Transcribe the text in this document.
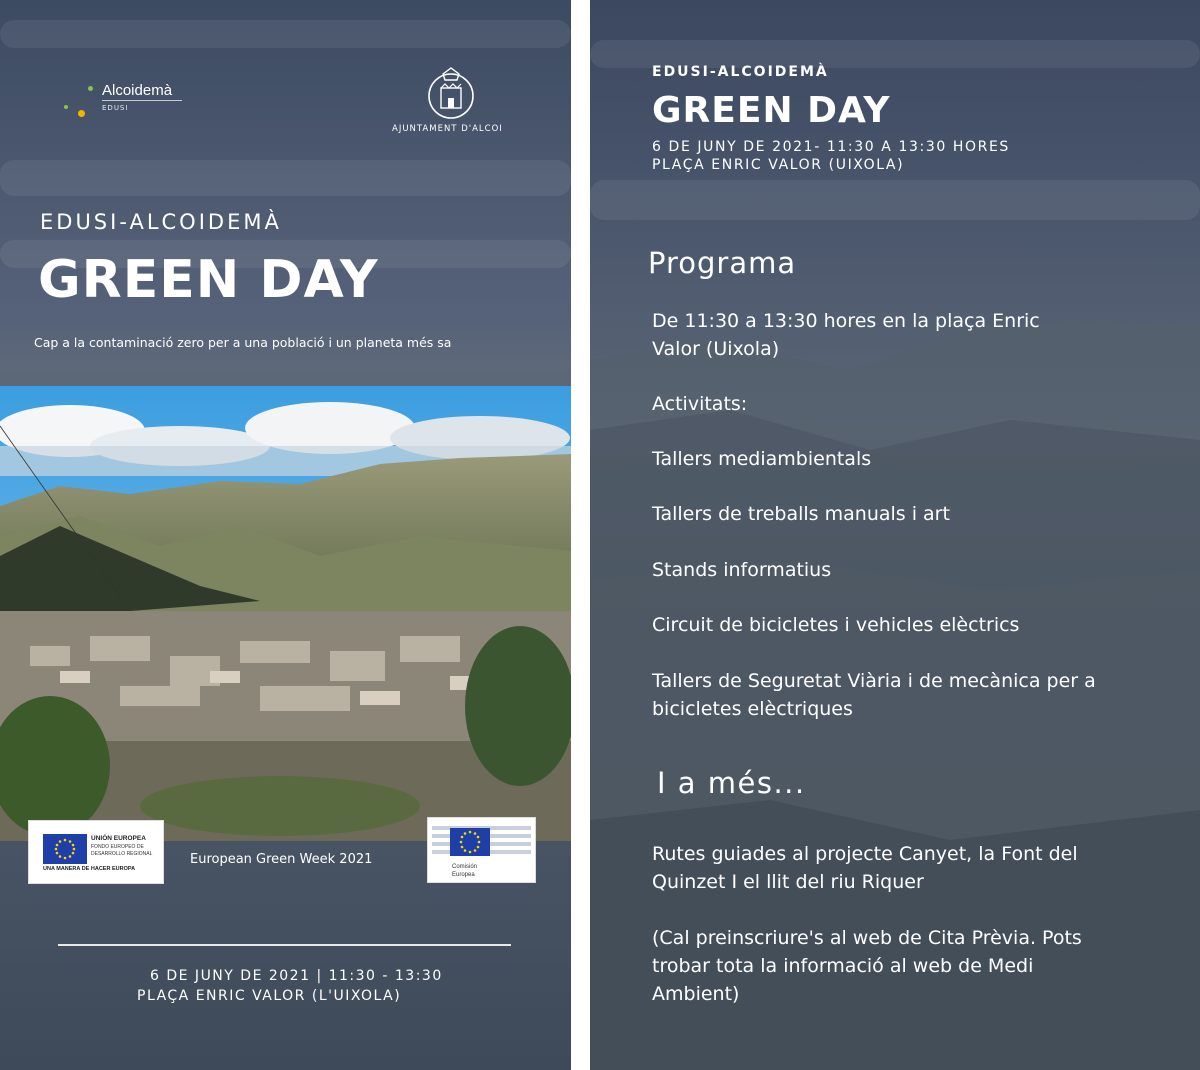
Alcoidemà
EDUSI
AJUNTAMENT D'ALCOI
EDUSI-ALCOIDEMÀ
GREEN DAY
Cap a la contaminació zero per a una població i un planeta més sa
UNIÓN EUROPEA
FONDO EUROPEO DE
DESARROLLO REGIONAL
UNA MANERA DE HACER EUROPA
European Green Week 2021	Comisión
Europea
6 DE JUNY DE 2021 | 11:30 - 13:30
PLAÇA ENRIC VALOR (L'UIXOLA)
EDUSI-ALCOIDEMÀ
GREEN DAY
6 DE JUNY DE 2021- 11:30 A 13:30 HORES
PLAÇA ENRIC VALOR (UIXOLA)
Programa
De 11:30 a 13:30 hores en la plaça Enric Valor (Uixola)
Activitats:
Tallers mediambientals
Tallers de treballs manuals i art
Stands informatius
Circuit de bicicletes i vehicles elèctrics
Tallers de Seguretat Viària i de mecànica per a bicicletes elèctriques
I a més...
Rutes guiades al projecte Canyet, la Font del Quinzet I el llit del riu Riquer
(Cal preinscriure's al web de Cita Prèvia. Pots trobar tota la informació al web de Medi Ambient)
